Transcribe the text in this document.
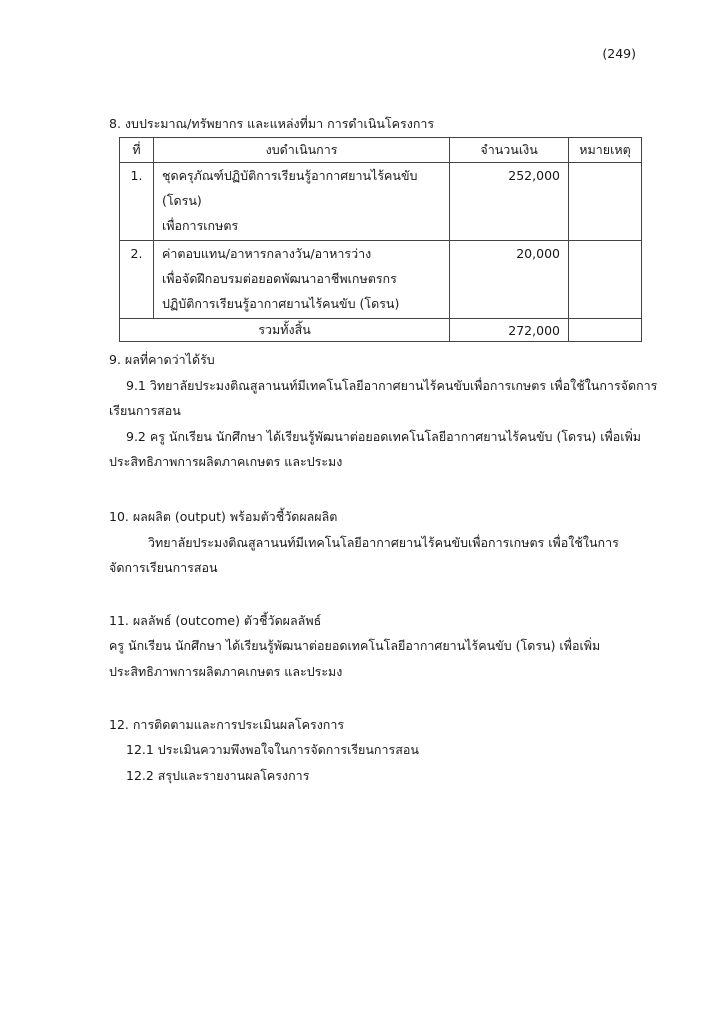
(249)
8. งบประมาณ/ทรัพยากร และแหล่งที่มา การดำเนินโครงการ
ที่	งบดำเนินการ	จำนวนเงิน	หมายเหตุ
1.	ชุดครุภัณฑ์ปฏิบัติการเรียนรู้อากาศยานไร้คนขับ (โดรน)
เพื่อการเกษตร	252,000	
2.	ค่าตอบแทน/อาหารกลางวัน/อาหารว่าง
เพื่อจัดฝึกอบรมต่อยอดพัฒนาอาชีพเกษตรกร
ปฏิบัติการเรียนรู้อากาศยานไร้คนขับ (โดรน)	20,000	
รวมทั้งสิ้น		272,000	
9. ผลที่คาดว่าได้รับ
9.1 วิทยาลัยประมงติณสูลานนท์มีเทคโนโลยีอากาศยานไร้คนขับเพื่อการเกษตร เพื่อใช้ในการจัดการ
เรียนการสอน
9.2 ครู นักเรียน นักศึกษา ได้เรียนรู้พัฒนาต่อยอดเทคโนโลยีอากาศยานไร้คนขับ (โดรน) เพื่อเพิ่ม
ประสิทธิภาพการผลิตภาคเกษตร และประมง
10. ผลผลิต (output) พร้อมตัวชี้วัดผลผลิต
วิทยาลัยประมงติณสูลานนท์มีเทคโนโลยีอากาศยานไร้คนขับเพื่อการเกษตร เพื่อใช้ในการ
จัดการเรียนการสอน
11. ผลลัพธ์ (outcome) ตัวชี้วัดผลลัพธ์
ครู นักเรียน นักศึกษา ได้เรียนรู้พัฒนาต่อยอดเทคโนโลยีอากาศยานไร้คนขับ (โดรน) เพื่อเพิ่ม
ประสิทธิภาพการผลิตภาคเกษตร และประมง
12. การติดตามและการประเมินผลโครงการ
12.1 ประเมินความพึงพอใจในการจัดการเรียนการสอน
12.2 สรุปและรายงานผลโครงการ
